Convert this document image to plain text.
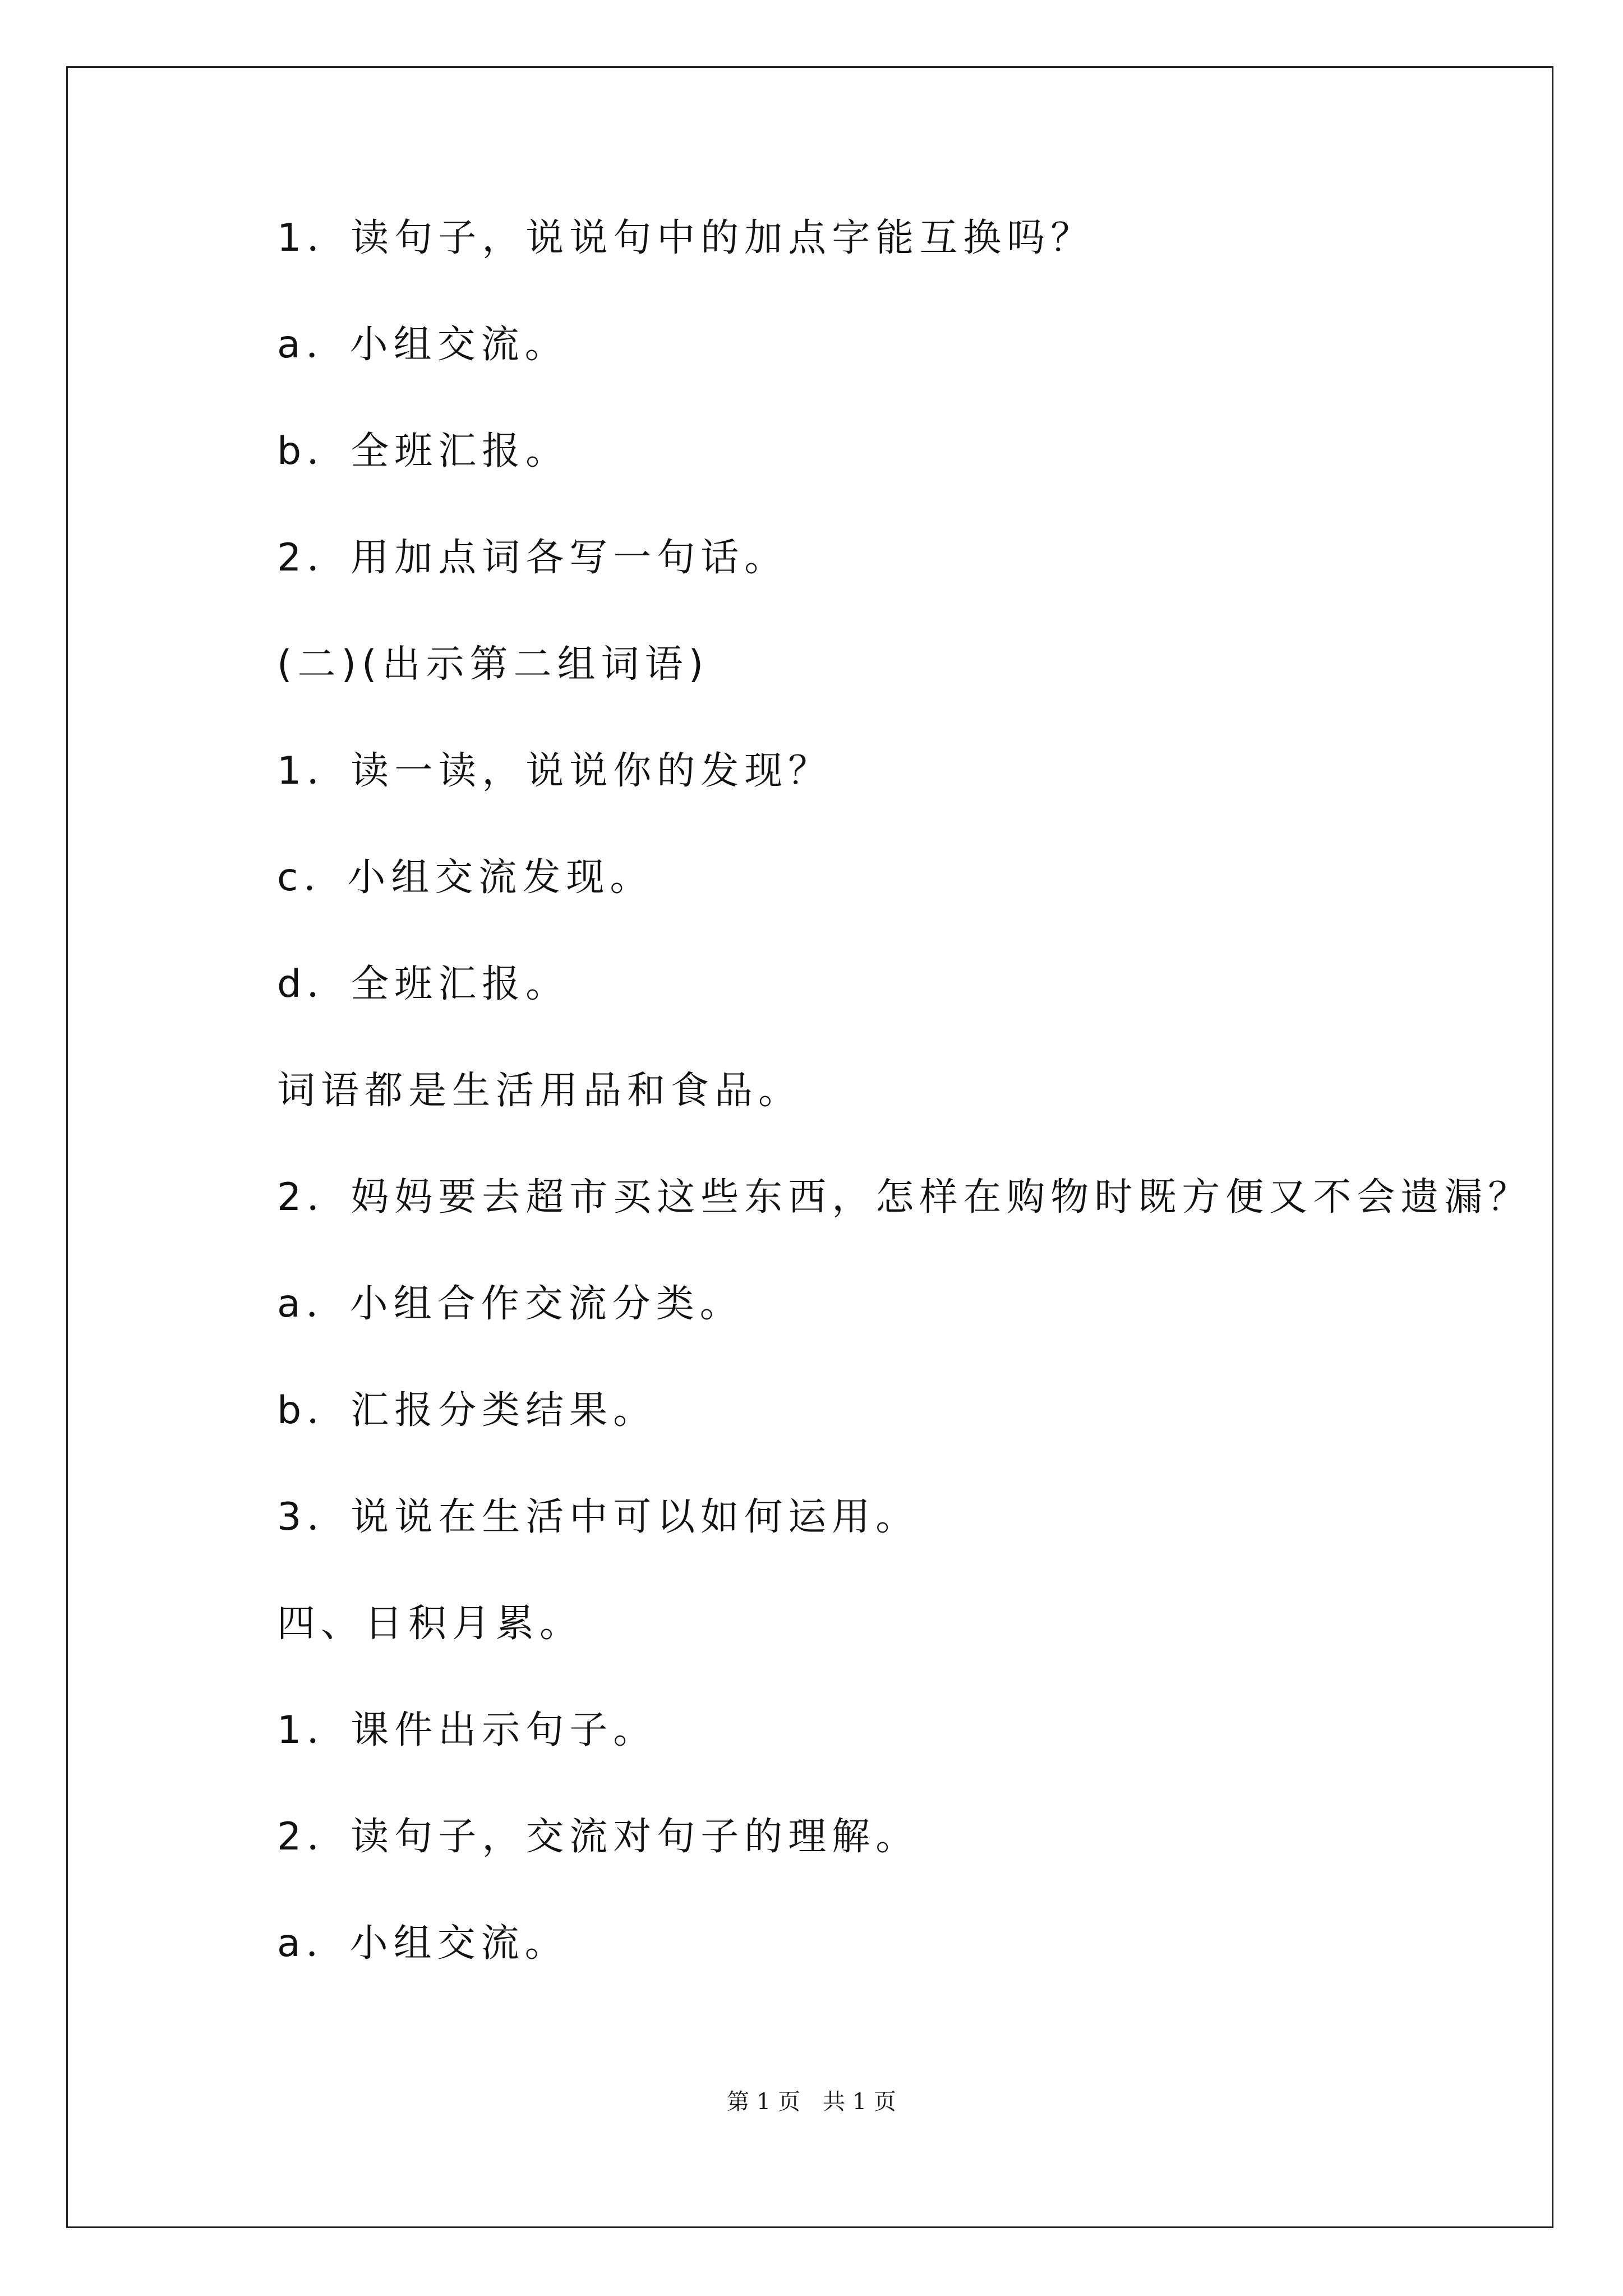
1．读句子，说说句中的加点字能互换吗？
a．小组交流。
b．全班汇报。
2．用加点词各写一句话。
(二)(出示第二组词语)
1．读一读，说说你的发现？
c．小组交流发现。
d．全班汇报。
词语都是生活用品和食品。
2．妈妈要去超市买这些东西，怎样在购物时既方便又不会遗漏？
a．小组合作交流分类。
b．汇报分类结果。
3．说说在生活中可以如何运用。
四、日积月累。
1．课件出示句子。
2．读句子，交流对句子的理解。
a．小组交流。
第 1 页　共 1 页
